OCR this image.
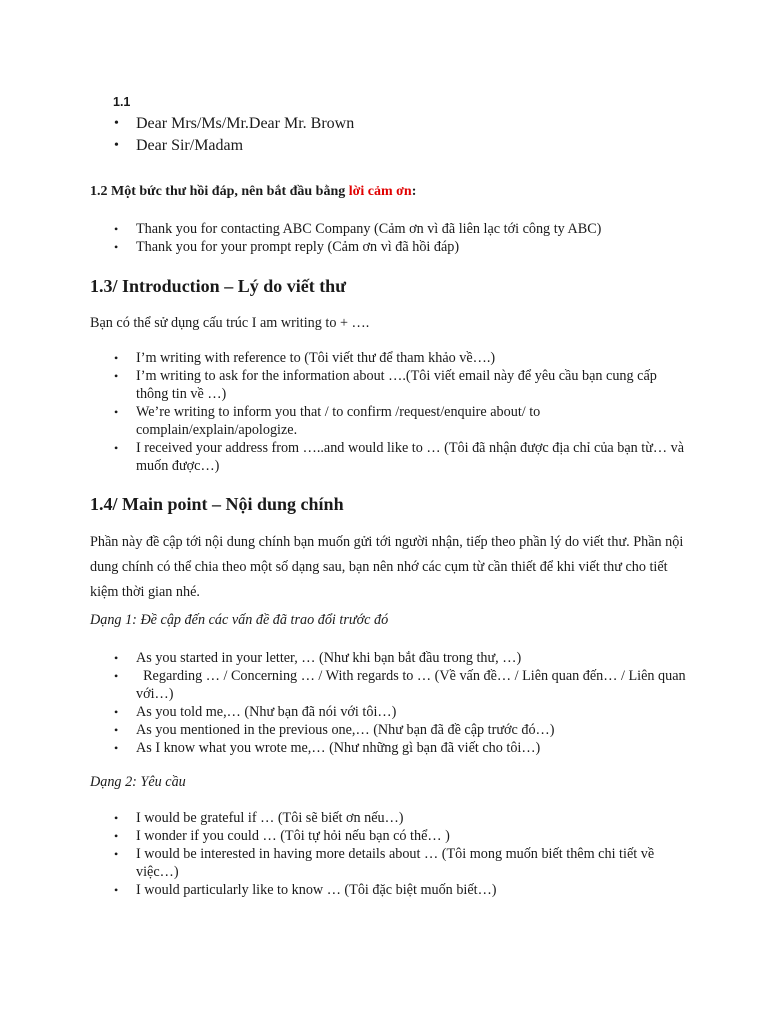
1.1
• Dear Mrs/Ms/Mr.Dear Mr. Brown
• Dear Sir/Madam
1.2 Một bức thư hồi đáp, nên bắt đầu bằng lời cảm ơn:
• Thank you for contacting ABC Company (Cảm ơn vì đã liên lạc tới công ty ABC)
• Thank you for your prompt reply (Cảm ơn vì đã hồi đáp)
1.3/ Introduction – Lý do viết thư
Bạn có thể sử dụng cấu trúc I am writing to + ….
• I’m writing with reference to (Tôi viết thư để tham khảo về….)
• I’m writing to ask for the information about ….(Tôi viết email này để yêu cầu bạn cung cấp thông tin về …)
• We’re writing to inform you that / to confirm /request/enquire about/ to complain/explain/apologize.
• I received your address from …..and would like to … (Tôi đã nhận được địa chỉ của bạn từ… và muốn được…)
1.4/ Main point – Nội dung chính
Phần này đề cập tới nội dung chính bạn muốn gửi tới người nhận, tiếp theo phần lý do viết thư. Phần nội dung chính có thể chia theo một số dạng sau, bạn nên nhớ các cụm từ cần thiết để khi viết thư cho tiết kiệm thời gian nhé.
Dạng 1: Đề cập đến các vấn đề đã trao đổi trước đó
• As you started in your letter, … (Như khi bạn bắt đầu trong thư, …)
•   Regarding … / Concerning … / With regards to … (Về vấn đề… / Liên quan đến… / Liên quan với…)
• As you told me,… (Như bạn đã nói với tôi…)
• As you mentioned in the previous one,… (Như bạn đã đề cập trước đó…)
• As I know what you wrote me,… (Như những gì bạn đã viết cho tôi…)
Dạng 2: Yêu cầu
• I would be grateful if … (Tôi sẽ biết ơn nếu…)
• I wonder if you could … (Tôi tự hỏi nếu bạn có thể… )
• I would be interested in having more details about … (Tôi mong muốn biết thêm chi tiết về việc…)
• I would particularly like to know … (Tôi đặc biệt muốn biết…)
